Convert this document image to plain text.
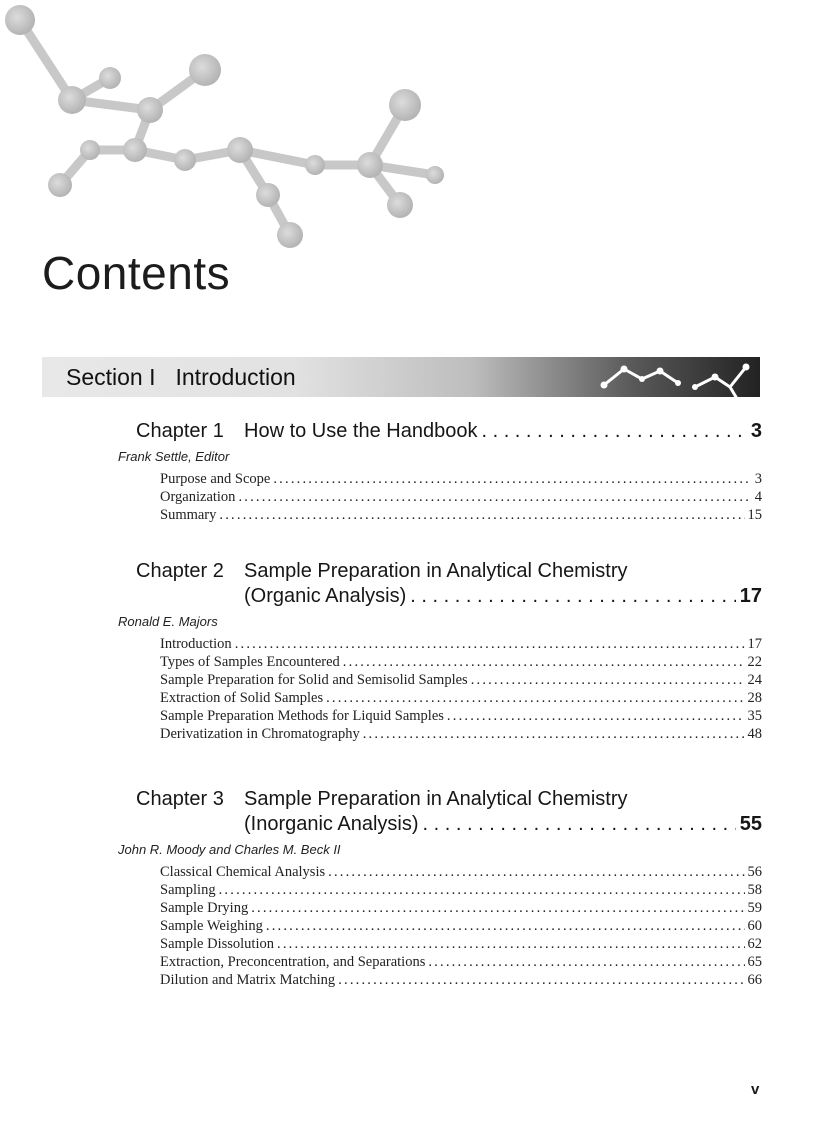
Contents
Section I Introduction
Chapter 1	How to Use the Handbook . . .	3
Frank Settle, Editor
Purpose and Scope .....	3
Organization .....	4
Summary .....	15
Chapter 2	Sample Preparation in Analytical Chemistry
(Organic Analysis) . . .	17
Ronald E. Majors
Introduction .....	17
Types of Samples Encountered .....	22
Sample Preparation for Solid and Semisolid Samples .....	24
Extraction of Solid Samples .....	28
Sample Preparation Methods for Liquid Samples .....	35
Derivatization in Chromatography .....	48
Chapter 3	Sample Preparation in Analytical Chemistry
(Inorganic Analysis) . . .	55
John R. Moody and Charles M. Beck II
Classical Chemical Analysis .....	56
Sampling .....	58
Sample Drying .....	59
Sample Weighing .....	60
Sample Dissolution .....	62
Extraction, Preconcentration, and Separations .....	65
Dilution and Matrix Matching .....	66
v
